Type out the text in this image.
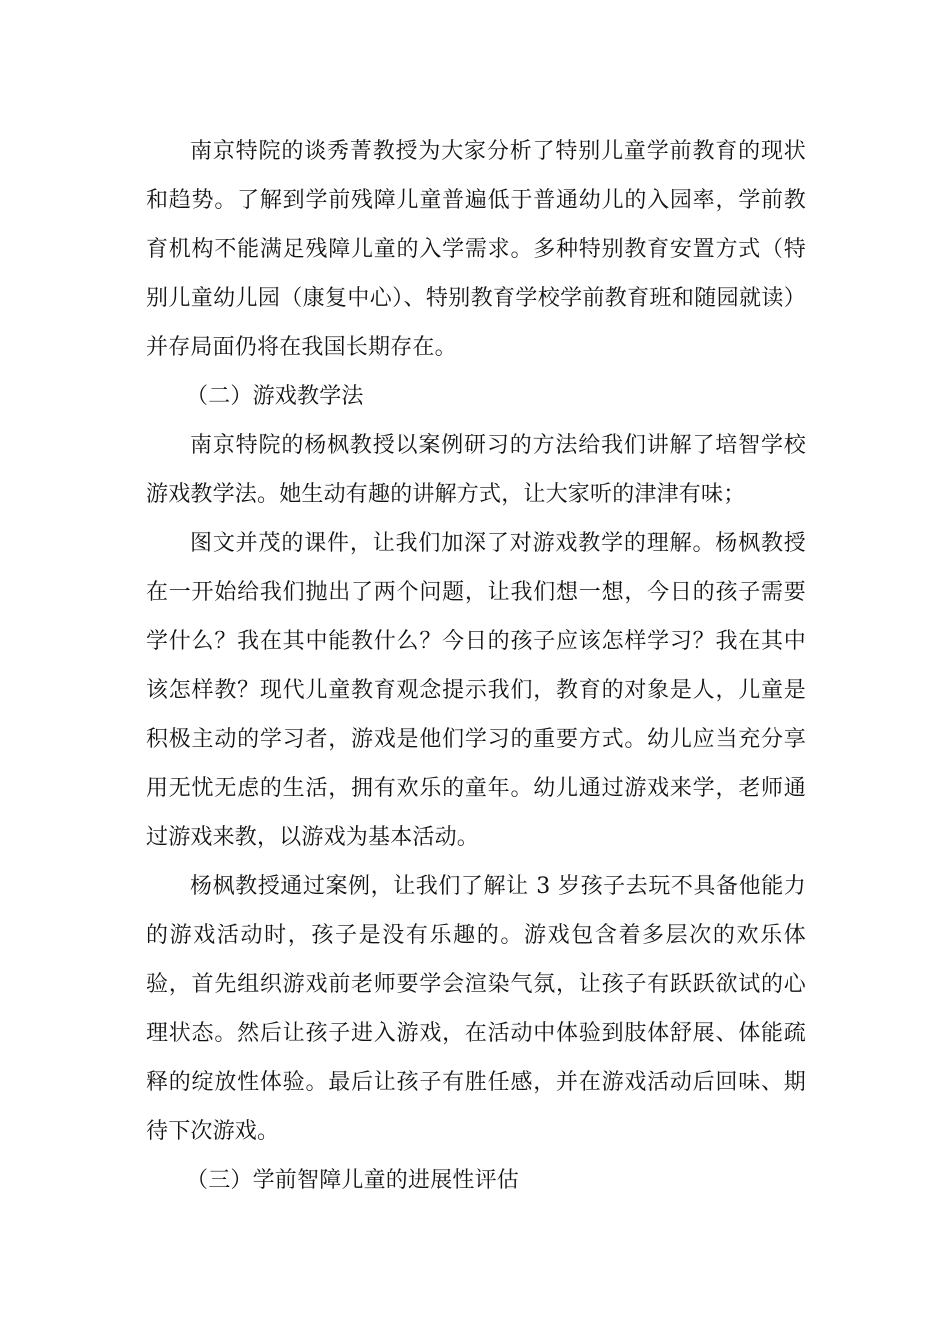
南京特院的谈秀菁教授为大家分析了特别儿童学前教育的现状和趋势。了解到学前残障儿童普遍低于普通幼儿的入园率，学前教育机构不能满足残障儿童的入学需求。多种特别教育安置方式（特别儿童幼儿园（康复中心）、特别教育学校学前教育班和随园就读）并存局面仍将在我国长期存在。

（二）游戏教学法

南京特院的杨枫教授以案例研习的方法给我们讲解了培智学校游戏教学法。她生动有趣的讲解方式，让大家听的津津有味；

图文并茂的课件，让我们加深了对游戏教学的理解。杨枫教授在一开始给我们抛出了两个问题，让我们想一想，今日的孩子需要学什么？我在其中能教什么？今日的孩子应该怎样学习？我在其中该怎样教？现代儿童教育观念提示我们，教育的对象是人，儿童是积极主动的学习者，游戏是他们学习的重要方式。幼儿应当充分享用无忧无虑的生活，拥有欢乐的童年。幼儿通过游戏来学，老师通过游戏来教，以游戏为基本活动。

杨枫教授通过案例，让我们了解让 3 岁孩子去玩不具备他能力的游戏活动时，孩子是没有乐趣的。游戏包含着多层次的欢乐体验，首先组织游戏前老师要学会渲染气氛，让孩子有跃跃欲试的心理状态。然后让孩子进入游戏，在活动中体验到肢体舒展、体能疏释的绽放性体验。最后让孩子有胜任感，并在游戏活动后回味、期待下次游戏。

（三）学前智障儿童的进展性评估
